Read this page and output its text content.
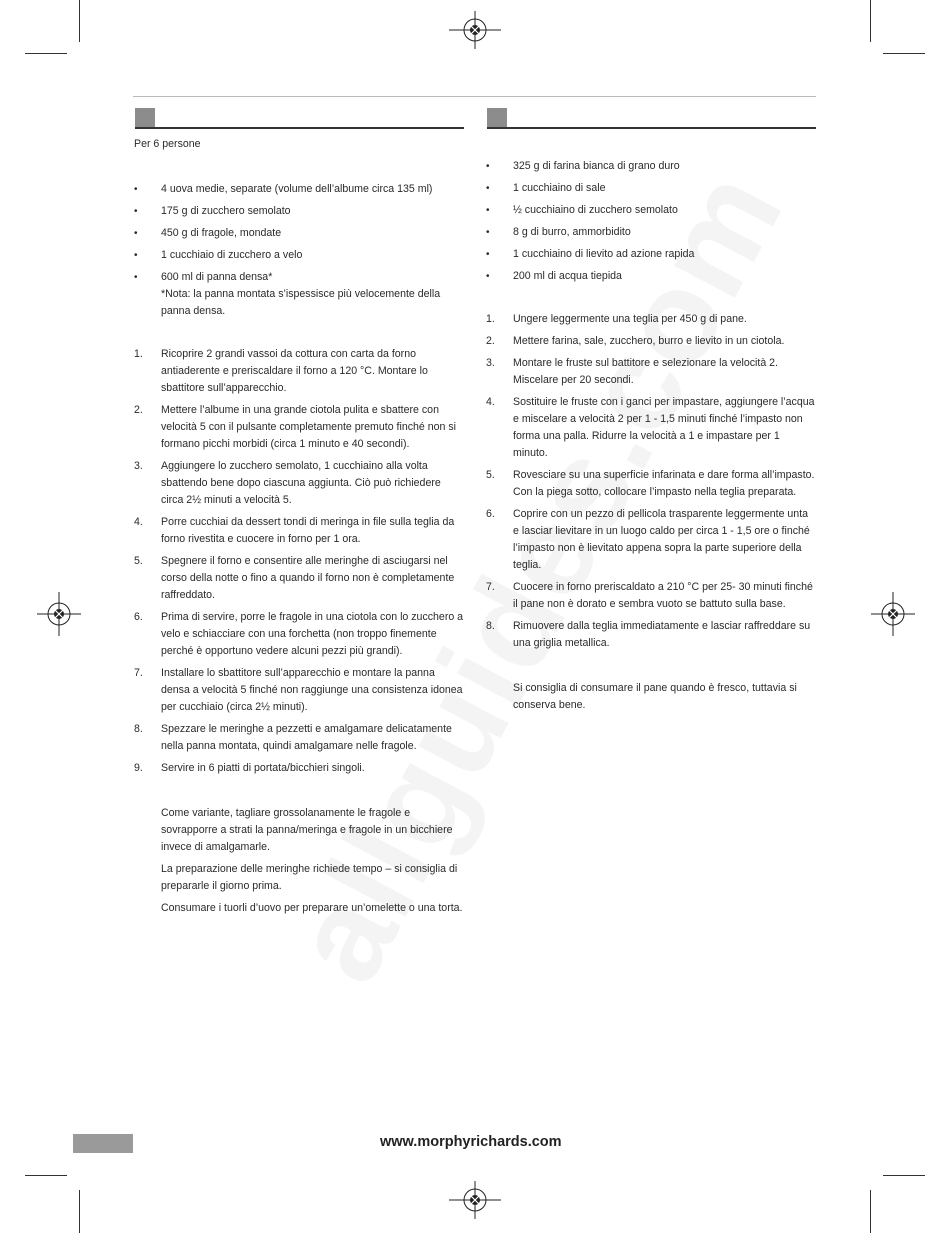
Per 6 persone
• 4 uova medie, separate (volume dell’albume circa 135 ml)
• 175 g di zucchero semolato
• 450 g di fragole, mondate
• 1 cucchiaio di zucchero a velo
• 600 ml di panna densa*
*Nota: la panna montata s’ispessisce più velocemente della panna densa.
1. Ricoprire 2 grandi vassoi da cottura con carta da forno antiaderente e preriscaldare il forno a 120 °C. Montare lo sbattitore sull’apparecchio.
2. Mettere l’albume in una grande ciotola pulita e sbattere con velocità 5 con il pulsante completamente premuto finché non si formano picchi morbidi (circa 1 minuto e 40 secondi).
3. Aggiungere lo zucchero semolato, 1 cucchiaino alla volta sbattendo bene dopo ciascuna aggiunta. Ciò può richiedere circa 2½ minuti a velocità 5.
4. Porre cucchiai da dessert tondi di meringa in file sulla teglia da forno rivestita e cuocere in forno per 1 ora.
5. Spegnere il forno e consentire alle meringhe di asciugarsi nel corso della notte o fino a quando il forno non è completamente raffreddato.
6. Prima di servire, porre le fragole in una ciotola con lo zucchero a velo e schiacciare con una forchetta (non troppo finemente perché è opportuno vedere alcuni pezzi più grandi).
7. Installare lo sbattitore sull’apparecchio e montare la panna densa a velocità 5 finché non raggiunge una consistenza idonea per cucchiaio (circa 2½ minuti).
8. Spezzare le meringhe a pezzetti e amalgamare delicatamente nella panna montata, quindi amalgamare nelle fragole.
9. Servire in 6 piatti di portata/bicchieri singoli.
Come variante, tagliare grossolanamente le fragole e sovrapporre a strati la panna/meringa e fragole in un bicchiere invece di amalgamarle.
La preparazione delle meringhe richiede tempo – si consiglia di prepararle il giorno prima.
Consumare i tuorli d’uovo per preparare un’omelette o una torta.
• 325 g di farina bianca di grano duro
• 1 cucchiaino di sale
• ½ cucchiaino di zucchero semolato
• 8 g di burro, ammorbidito
• 1 cucchiaino di lievito ad azione rapida
• 200 ml di acqua tiepida
1. Ungere leggermente una teglia per 450 g di pane.
2. Mettere farina, sale, zucchero, burro e lievito in un ciotola.
3. Montare le fruste sul battitore e selezionare la velocità 2. Miscelare per 20 secondi.
4. Sostituire le fruste con i ganci per impastare, aggiungere l’acqua e miscelare a velocità 2 per 1 - 1,5 minuti finché l’impasto non forma una palla. Ridurre la velocità a 1 e impastare per 1 minuto.
5. Rovesciare su una superficie infarinata e dare forma all’impasto. Con la piega sotto, collocare l’impasto nella teglia preparata.
6. Coprire con un pezzo di pellicola trasparente leggermente unta e lasciar lievitare in un luogo caldo per circa 1 - 1,5 ore o finché l’impasto non è lievitato appena sopra la parte superiore della teglia.
7. Cuocere in forno preriscaldato a 210 °C per 25- 30 minuti finché il pane non è dorato e sembra vuoto se battuto sulla base.
8. Rimuovere dalla teglia immediatamente e lasciar raffreddare su una griglia metallica.
Si consiglia di consumare il pane quando è fresco, tuttavia si conserva bene.
www.morphyrichards.com
